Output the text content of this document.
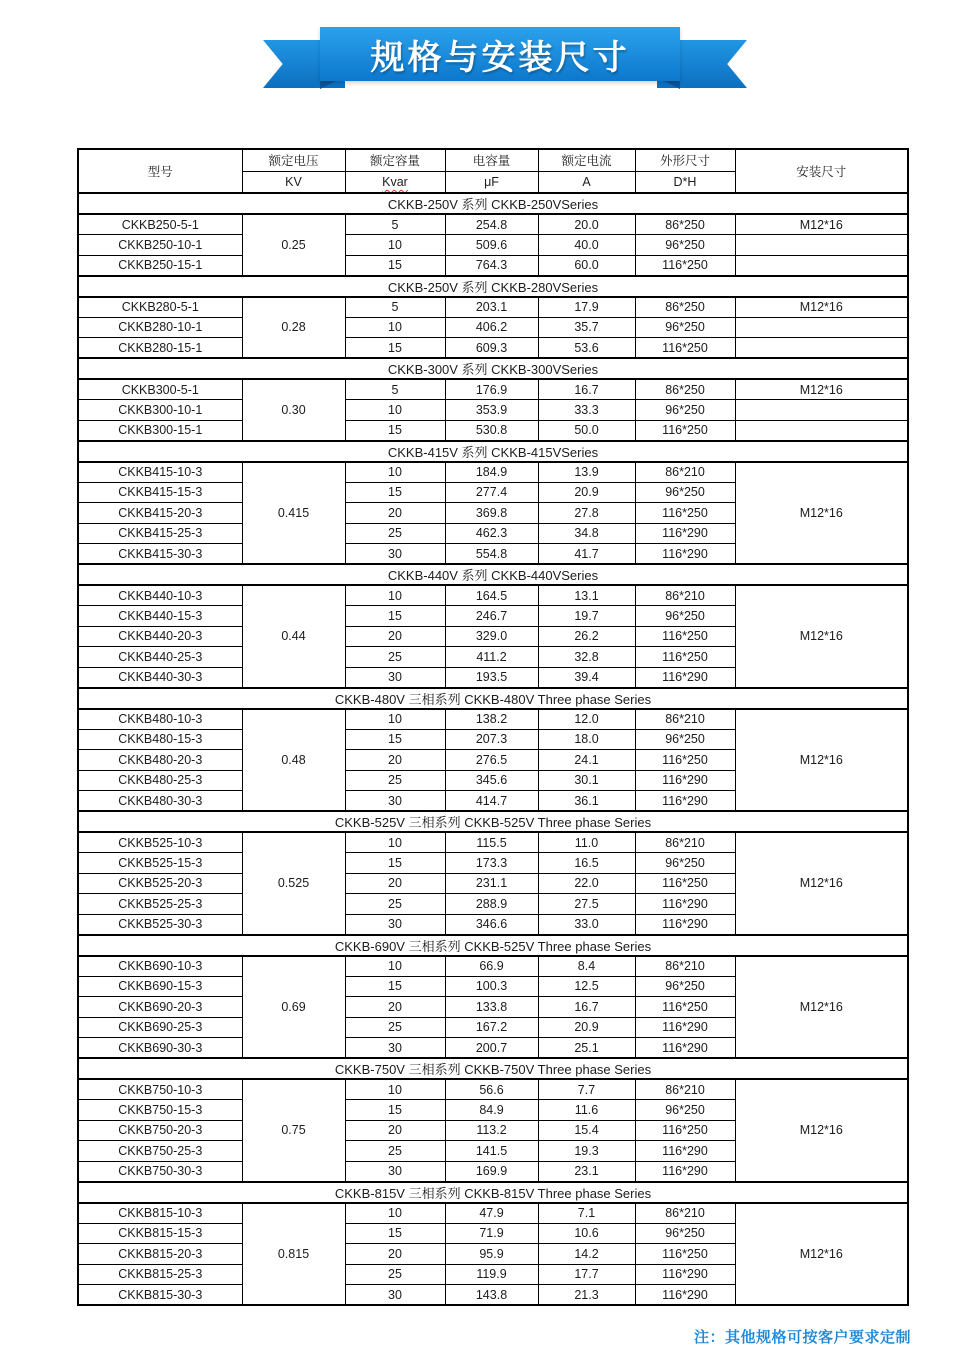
规格与安装尺寸
型号	额定电压	额定容量	电容量	额定电流	外形尺寸	安装尺寸
	KV	Kvar	μF	A	D*H	
CKKB-250V 系列 CKKB-250VSeries						
CKKB250-5-1	0.25	5	254.8	20.0	86*250	M12*16
CKKB250-10-1		10	509.6	40.0	96*250	
CKKB250-15-1		15	764.3	60.0	116*250	
CKKB-250V 系列 CKKB-280VSeries						
CKKB280-5-1	0.28	5	203.1	17.9	86*250	M12*16
CKKB280-10-1		10	406.2	35.7	96*250	
CKKB280-15-1		15	609.3	53.6	116*250	
CKKB-300V 系列 CKKB-300VSeries						
CKKB300-5-1	0.30	5	176.9	16.7	86*250	M12*16
CKKB300-10-1		10	353.9	33.3	96*250	
CKKB300-15-1		15	530.8	50.0	116*250	
CKKB-415V 系列 CKKB-415VSeries						
CKKB415-10-3	0.415	10	184.9	13.9	86*210	M12*16
CKKB415-15-3		15	277.4	20.9	96*250	
CKKB415-20-3		20	369.8	27.8	116*250	
CKKB415-25-3		25	462.3	34.8	116*290	
CKKB415-30-3		30	554.8	41.7	116*290	
CKKB-440V 系列 CKKB-440VSeries						
CKKB440-10-3	0.44	10	164.5	13.1	86*210	M12*16
CKKB440-15-3		15	246.7	19.7	96*250	
CKKB440-20-3		20	329.0	26.2	116*250	
CKKB440-25-3		25	411.2	32.8	116*250	
CKKB440-30-3		30	193.5	39.4	116*290	
CKKB-480V 三相系列 CKKB-480V Three phase Series						
CKKB480-10-3	0.48	10	138.2	12.0	86*210	M12*16
CKKB480-15-3		15	207.3	18.0	96*250	
CKKB480-20-3		20	276.5	24.1	116*250	
CKKB480-25-3		25	345.6	30.1	116*290	
CKKB480-30-3		30	414.7	36.1	116*290	
CKKB-525V 三相系列 CKKB-525V Three phase Series						
CKKB525-10-3	0.525	10	115.5	11.0	86*210	M12*16
CKKB525-15-3		15	173.3	16.5	96*250	
CKKB525-20-3		20	231.1	22.0	116*250	
CKKB525-25-3		25	288.9	27.5	116*290	
CKKB525-30-3		30	346.6	33.0	116*290	
CKKB-690V 三相系列 CKKB-525V Three phase Series						
CKKB690-10-3	0.69	10	66.9	8.4	86*210	M12*16
CKKB690-15-3		15	100.3	12.5	96*250	
CKKB690-20-3		20	133.8	16.7	116*250	
CKKB690-25-3		25	167.2	20.9	116*290	
CKKB690-30-3		30	200.7	25.1	116*290	
CKKB-750V 三相系列 CKKB-750V Three phase Series						
CKKB750-10-3	0.75	10	56.6	7.7	86*210	M12*16
CKKB750-15-3		15	84.9	11.6	96*250	
CKKB750-20-3		20	113.2	15.4	116*250	
CKKB750-25-3		25	141.5	19.3	116*290	
CKKB750-30-3		30	169.9	23.1	116*290	
CKKB-815V 三相系列 CKKB-815V Three phase Series						
CKKB815-10-3	0.815	10	47.9	7.1	86*210	M12*16
CKKB815-15-3		15	71.9	10.6	96*250	
CKKB815-20-3		20	95.9	14.2	116*250	
CKKB815-25-3		25	119.9	17.7	116*290	
CKKB815-30-3		30	143.8	21.3	116*290	
注：其他规格可按客户要求定制
